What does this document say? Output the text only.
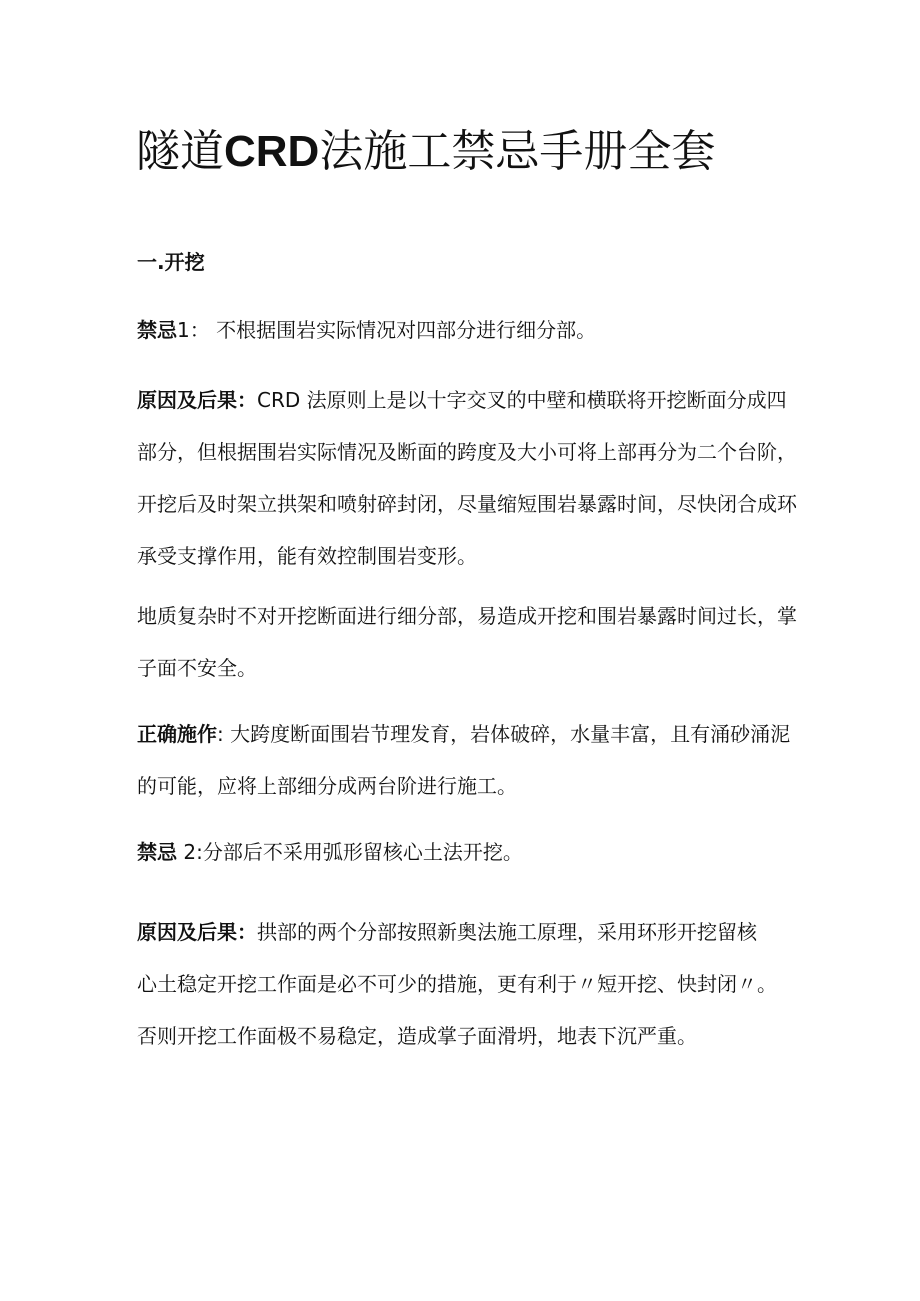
隧道CRD法施工禁忌手册全套
一.开挖
禁忌1： 不根据围岩实际情况对四部分进行细分部。
原因及后果：CRD 法原则上是以十字交叉的中壁和横联将开挖断面分成四
部分，但根据围岩实际情况及断面的跨度及大小可将上部再分为二个台阶，
开挖后及时架立拱架和喷射碎封闭，尽量缩短围岩暴露时间，尽快闭合成环
承受支撑作用，能有效控制围岩变形。
地质复杂时不对开挖断面进行细分部，易造成开挖和围岩暴露时间过长，掌
子面不安全。
正确施作: 大跨度断面围岩节理发育，岩体破碎，水量丰富，且有涌砂涌泥
的可能，应将上部细分成两台阶进行施工。
禁忌 2:分部后不采用弧形留核心土法开挖。
原因及后果：拱部的两个分部按照新奥法施工原理，采用环形开挖留核
心土稳定开挖工作面是必不可少的措施，更有利于〃短开挖、快封闭〃。
否则开挖工作面极不易稳定，造成掌子面滑坍，地表下沉严重。
